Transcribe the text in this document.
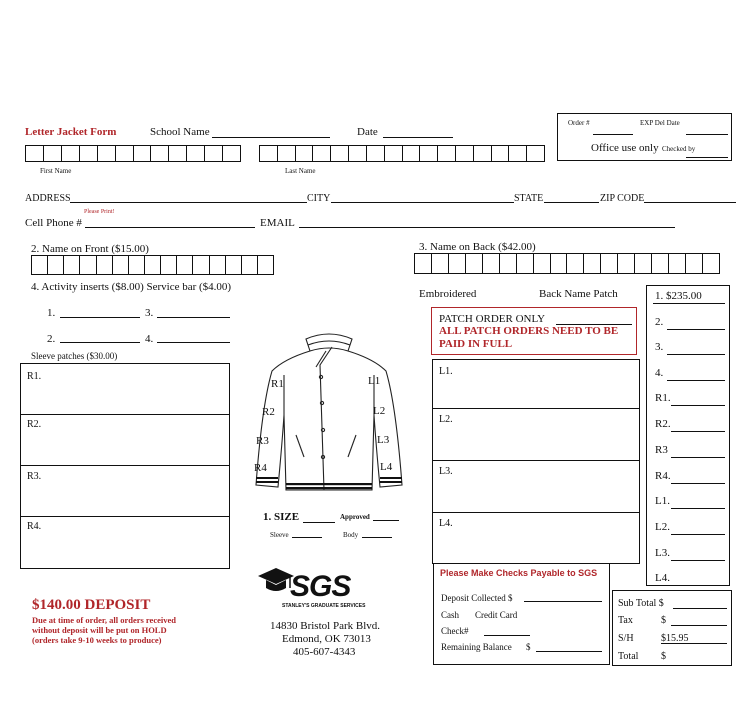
Letter Jacket Form	School Name	Date
Order #	EXP Del Date
Office use only Checked by
First Name	Last Name
ADDRESS	CITY	STATE	ZIP CODE
Please Print!
Cell Phone #	EMAIL
2. Name on Front ($15.00)	3. Name on Back ($42.00)
4. Activity inserts ($8.00) Service bar ($4.00)
1.	3.
2.	4.
Sleeve patches ($30.00)
R1.
R2.
R3.
R4.
R1
R2
R3
R4
L1
L2
L3
L4
1. SIZE	Approved
Sleeve	Body
Embroidered	Back Name Patch
PATCH ORDER ONLY
ALL PATCH ORDERS NEED TO BE PAID IN FULL
L1.
L2.
L3.
L4.
1. $235.00
2.
3.
4.
R1.
R2.
R3
R4.
L1.
L2.
L3.
L4.
$140.00 DEPOSIT
Due at time of order, all orders received
without deposit will be put on HOLD
(orders take 9-10 weeks to produce)
SGS
STANLEY'S GRADUATE SERVICES
14830 Bristol Park Blvd.
Edmond, OK 73013
405-607-4343
Please Make Checks Payable to SGS
Deposit Collected $
Cash Credit Card
Check#
Remaining Balance $
Sub Total $
Tax	$
S/H	$15.95
Total $
